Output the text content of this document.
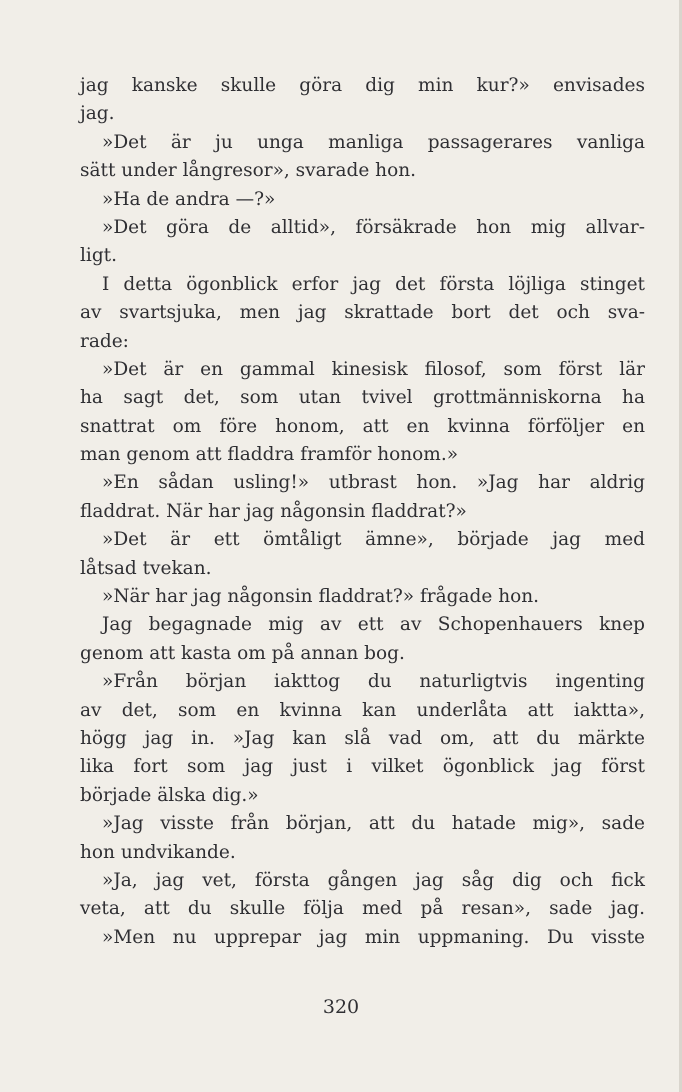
jag kanske skulle göra dig min kur?» envisades
jag.
»Det är ju unga manliga passagerares vanliga
sätt under långresor», svarade hon.
»Ha de andra —?»
»Det göra de alltid», försäkrade hon mig allvar-
ligt.
I detta ögonblick erfor jag det första löjliga stinget
av svartsjuka, men jag skrattade bort det och sva-
rade:
»Det är en gammal kinesisk filosof, som först lär
ha sagt det, som utan tvivel grottmänniskorna ha
snattrat om före honom, att en kvinna förföljer en
man genom att fladdra framför honom.»
»En sådan usling!» utbrast hon. »Jag har aldrig
fladdrat. När har jag någonsin fladdrat?»
»Det är ett ömtåligt ämne», började jag med
låtsad tvekan.
»När har jag någonsin fladdrat?» frågade hon.
Jag begagnade mig av ett av Schopenhauers knep
genom att kasta om på annan bog.
»Från början iakttog du naturligtvis ingenting
av det, som en kvinna kan underlåta att iaktta»,
högg jag in. »Jag kan slå vad om, att du märkte
lika fort som jag just i vilket ögonblick jag först
började älska dig.»
»Jag visste från början, att du hatade mig», sade
hon undvikande.
»Ja, jag vet, första gången jag såg dig och fick
veta, att du skulle följa med på resan», sade jag.
»Men nu upprepar jag min uppmaning. Du visste
320
